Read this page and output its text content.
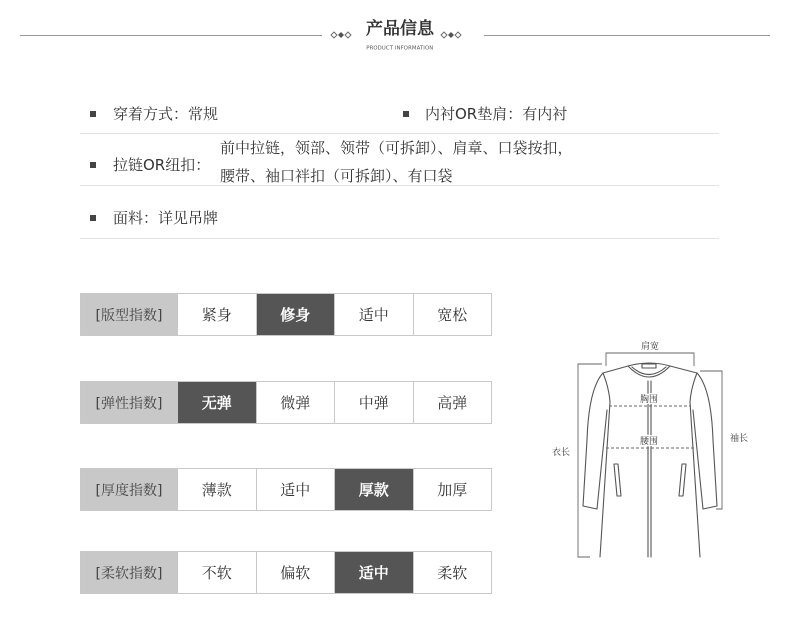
产品信息
PRODUCT INFORMATION
穿着方式：常规	内衬OR垫肩：有内衬
拉链OR纽扣：
前中拉链，领部、领带（可拆卸）、肩章、口袋按扣，
腰带、袖口袢扣（可拆卸）、有口袋
面料：详见吊牌
[版型指数]	紧身	修身	适中	宽松
[弹性指数]	无弹	微弹	中弹	高弹
[厚度指数]	薄款	适中	厚款	加厚
[柔软指数]	不软	偏软	适中	柔软
肩宽
胸围
腰围
衣长
袖长
